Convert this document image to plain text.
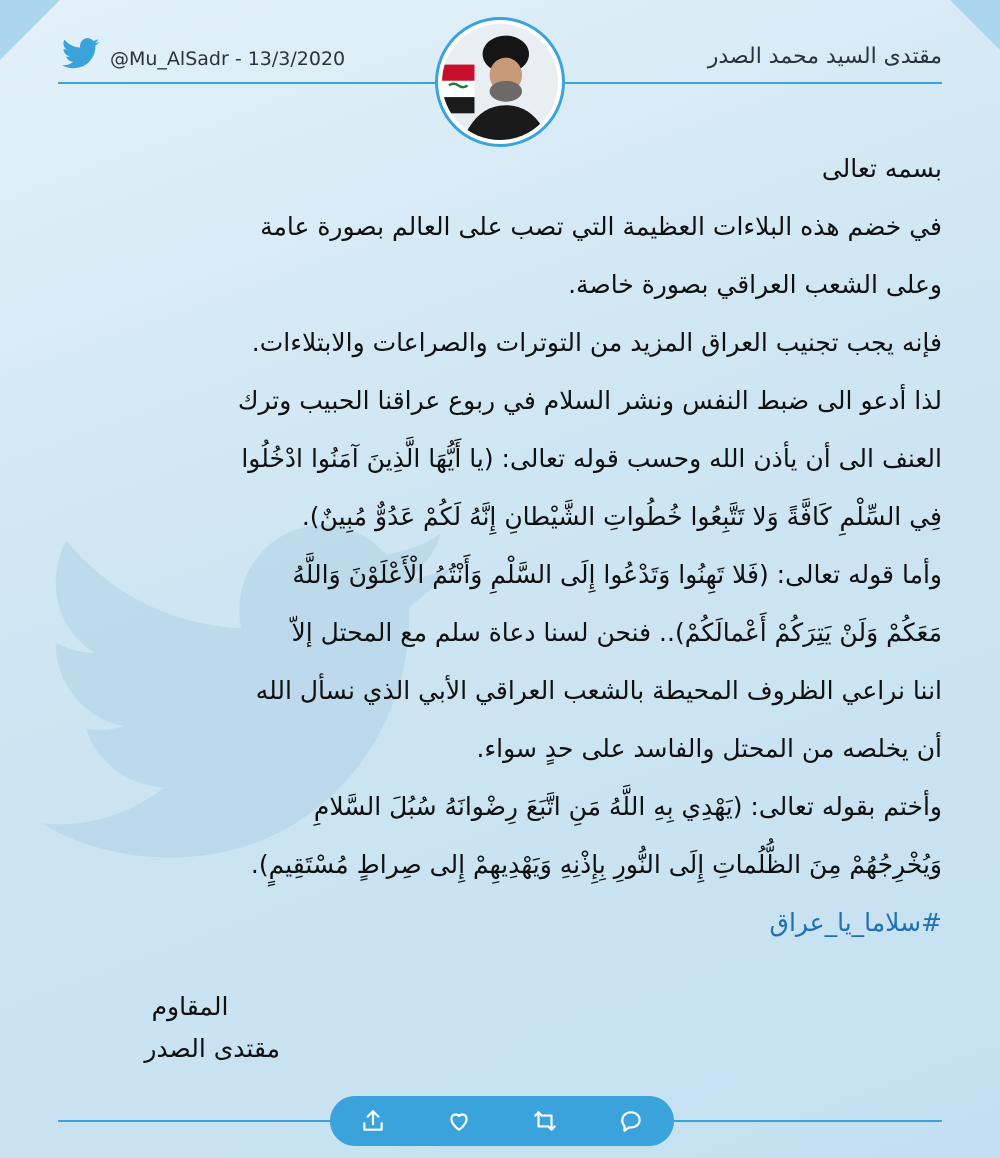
@Mu_AlSadr - 13/3/2020	مقتدى السيد محمد الصدر
بسمه تعالى
في خضم هذه البلاءات العظيمة التي تصب على العالم بصورة عامة
وعلى الشعب العراقي بصورة خاصة.
فإنه يجب تجنيب العراق المزيد من التوترات والصراعات والابتلاءات.
لذا أدعو الى ضبط النفس ونشر السلام في ربوع عراقنا الحبيب وترك
العنف الى أن يأذن الله وحسب قوله تعالى: (يا أَيُّهَا الَّذِينَ آمَنُوا ادْخُلُوا
فِي السِّلْمِ كَافَّةً وَلا تَتَّبِعُوا خُطُواتِ الشَّيْطانِ إِنَّهُ لَكُمْ عَدُوٌّ مُبِينٌ).
وأما قوله تعالى: (فَلا تَهِنُوا وَتَدْعُوا إِلَى السَّلْمِ وَأَنْتُمُ الْأَعْلَوْنَ وَاللَّهُ
مَعَكُمْ وَلَنْ يَتِرَكُمْ أَعْمالَكُمْ).. فنحن لسنا دعاة سلم مع المحتل إلاّ
اننا نراعي الظروف المحيطة بالشعب العراقي الأبي الذي نسأل الله
أن يخلصه من المحتل والفاسد على حدٍ سواء.
وأختم بقوله تعالى: (يَهْدِي بِهِ اللَّهُ مَنِ اتَّبَعَ رِضْوانَهُ سُبُلَ السَّلامِ
وَيُخْرِجُهُمْ مِنَ الظُّلُماتِ إِلَى النُّورِ بِإِذْنِهِ وَيَهْدِيهِمْ إِلى صِراطٍ مُسْتَقِيمٍ).
#سلاما_يا_عراق
المقاوم
مقتدى الصدر
